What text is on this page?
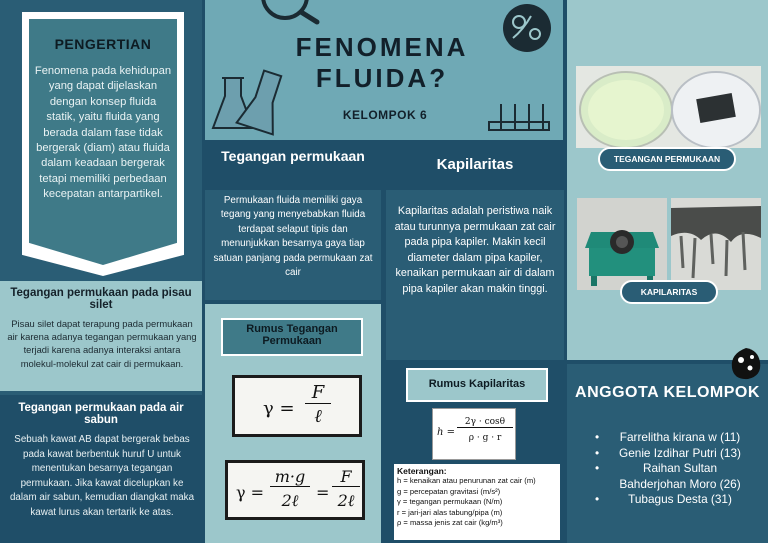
PENGERTIAN
Fenomena pada kehidupan yang dapat dijelaskan dengan konsep fluida statik, yaitu fluida yang berada dalam fase tidak bergerak (diam) atau fluida dalam keadaan bergerak tetapi memiliki perbedaan kecepatan antarpartikel.
Tegangan permukaan pada pisau silet
Pisau silet dapat terapung pada permukaan air karena adanya tegangan permukaan yang terjadi karena adanya interaksi antara molekul-molekul zat cair di permukaan.
Tegangan permukaan pada air sabun
Sebuah kawat AB dapat bergerak bebas pada kawat berbentuk huruf U untuk menentukan besarnya tegangan permukaan. Jika kawat dicelupkan ke dalam air sabun, kemudian diangkat maka kawat lurus akan tertarik ke atas.
FENOMENA FLUIDA?
KELOMPOK 6
Tegangan permukaan
Permukaan fluida memiliki gaya tegang yang menyebabkan fluida terdapat selaput tipis dan menunjukkan besarnya gaya tiap satuan panjang pada permukaan zat cair
Rumus Tegangan Permukaan
γ =
F
ℓ
γ =
m·g
2ℓ	=
F
2ℓ
Kapilaritas
Kapilaritas adalah peristiwa naik atau turunnya permukaan zat cair pada pipa kapiler. Makin kecil diameter dalam pipa kapiler, kenaikan permukaan air di dalam pipa kapiler akan makin tinggi.
Rumus Kapilaritas
h =
2γ · cosθ
ρ · g · r
Keterangan:
h = kenaikan atau penurunan zat cair (m)
g = percepatan gravitasi (m/s²)
γ = tegangan permukaan (N/m)
r = jari-jari alas tabung/pipa (m)
ρ = massa jenis zat cair (kg/m³)
TEGANGAN PERMUKAAN
KAPILARITAS
ANGGOTA KELOMPOK
• Farrelitha kirana w (11)
• Genie Izdihar Putri (13)
• Raihan Sultan
Bahderjohan Moro (26)
• Tubagus Desta (31)
